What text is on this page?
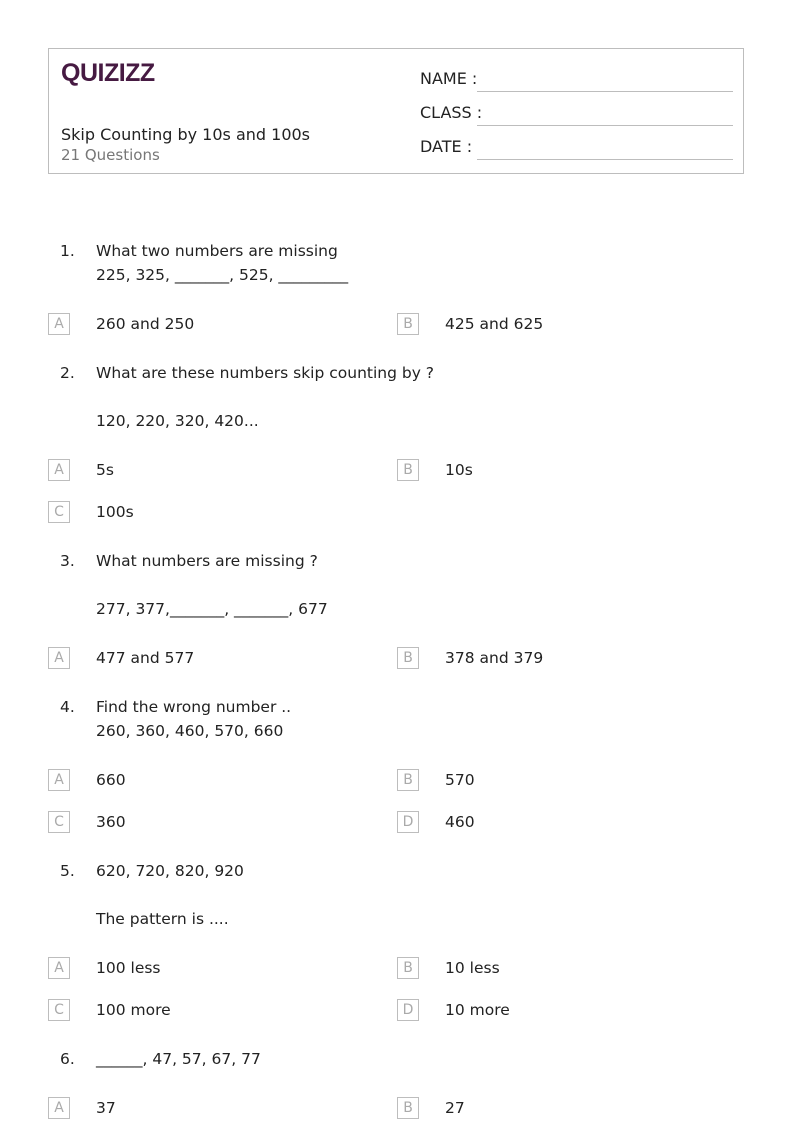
QUIZIZZ
Skip Counting by 10s and 100s
21 Questions
NAME :
CLASS :
DATE :
1. What two numbers are missing
225, 325, _______, 525, _________
A	260 and 250	B	425 and 625
2. What are these numbers skip counting by ?
120, 220, 320, 420...
A	5s	B	10s
C	100s
3. What numbers are missing ?
277, 377,_______, _______, 677
A	477 and 577	B	378 and 379
4. Find the wrong number ..
260, 360, 460, 570, 660
A	660	B	570
C	360	D	460
5. 620, 720, 820, 920
The pattern is ....
A	100 less	B	10 less
C	100 more	D	10 more
6. ______, 47, 57, 67, 77
A	37	B	27
